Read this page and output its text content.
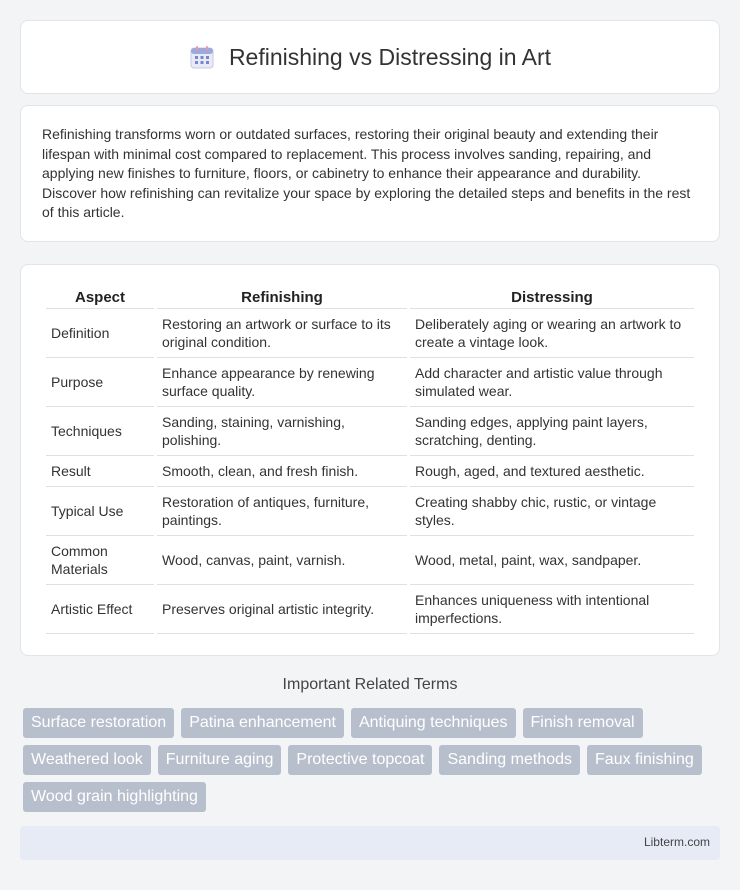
Refinishing vs Distressing in Art

Refinishing transforms worn or outdated surfaces, restoring their original beauty and extending their lifespan with minimal cost compared to replacement. This process involves sanding, repairing, and applying new finishes to furniture, floors, or cabinetry to enhance their appearance and durability. Discover how refinishing can revitalize your space by exploring the detailed steps and benefits in the rest of this article.

Aspect	Refinishing	Distressing
Definition	Restoring an artwork or surface to its original condition.	Deliberately aging or wearing an artwork to create a vintage look.
Purpose	Enhance appearance by renewing surface quality.	Add character and artistic value through simulated wear.
Techniques	Sanding, staining, varnishing, polishing.	Sanding edges, applying paint layers, scratching, denting.
Result	Smooth, clean, and fresh finish.	Rough, aged, and textured aesthetic.
Typical Use	Restoration of antiques, furniture, paintings.	Creating shabby chic, rustic, or vintage styles.
Common Materials	Wood, canvas, paint, varnish.	Wood, metal, paint, wax, sandpaper.
Artistic Effect	Preserves original artistic integrity.	Enhances uniqueness with intentional imperfections.
Important Related Terms
Surface restoration	Patina enhancement	Antiquing techniques	Finish removal
Weathered look	Furniture aging	Protective topcoat	Sanding methods	Faux finishing
Wood grain highlighting
Libterm.com
